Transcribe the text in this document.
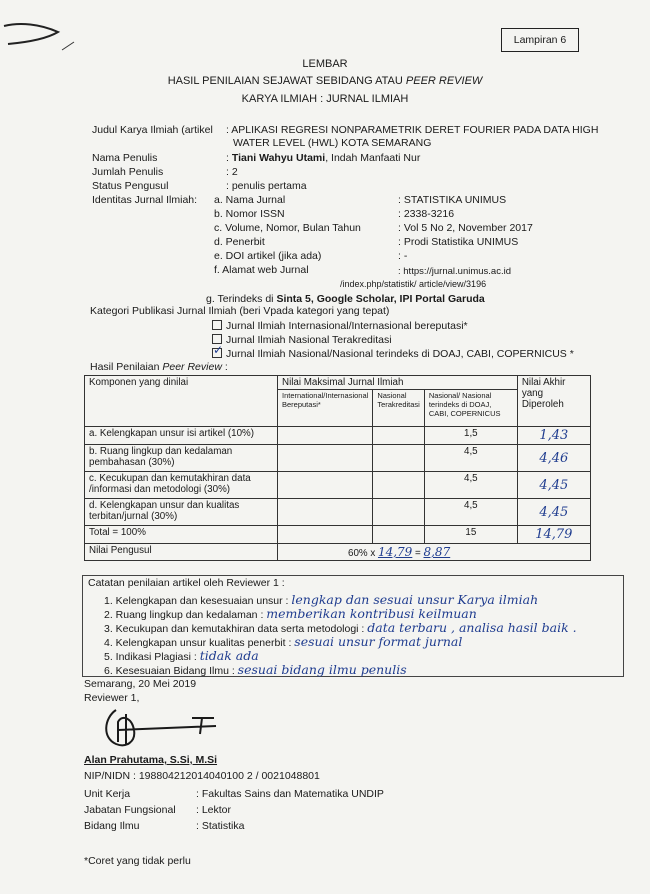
Lampiran 6
LEMBAR
HASIL PENILAIAN SEJAWAT SEBIDANG ATAU PEER REVIEW
KARYA ILMIAH : JURNAL ILMIAH
Judul Karya Ilmiah (artikel : APLIKASI REGRESI NONPARAMETRIK DERET FOURIER PADA DATA HIGH
WATER LEVEL (HWL) KOTA SEMARANG
Nama Penulis	: Tiani Wahyu Utami, Indah Manfaati Nur
Jumlah Penulis	: 2
Status Pengusul	: penulis pertama
Identitas Jurnal Ilmiah: a. Nama Jurnal	: STATISTIKA UNIMUS
b. Nomor ISSN	: 2338-3216
c. Volume, Nomor, Bulan Tahun	: Vol 5 No 2, November 2017
d. Penerbit	: Prodi Statistika UNIMUS
e. DOI artikel (jika ada)	: -
f. Alamat web Jurnal	: https://jurnal.unimus.ac.id
/index.php/statistik/ article/view/3196
g. Terindeks di Sinta 5, Google Scholar, IPI Portal Garuda
Kategori Publikasi Jurnal Ilmiah (beri Vpada kategori yang tepat)
Jurnal Ilmiah Internasional/Internasional bereputasi*
Jurnal Ilmiah Nasional Terakreditasi
✓ Jurnal Ilmiah Nasional/Nasional terindeks di DOAJ, CABI, COPERNICUS *
Hasil Penilaian Peer Review :
Komponen yang dinilai	Nilai Maksimal Jurnal Ilmiah			Nilai Akhir yang Diperoleh
	International/Internasional Bereputasi*	Nasional Terakreditasi	Nasional/ Nasional terindeks di DOAJ, CABI, COPERNICUS	
a. Kelengkapan unsur isi artikel (10%)			1,5	1,43
b. Ruang lingkup dan kedalaman pembahasan (30%)			4,5	4,46
c. Kecukupan dan kemutakhiran data /informasi dan metodologi (30%)			4,5	4,45
d. Kelengkapan unsur dan kualitas terbitan/jurnal (30%)			4,5	4,45
Total = 100%			15	14,79
Nilai Pengusul	60% x 14,79 = 8,87			
Catatan penilaian artikel oleh Reviewer 1 :
1. Kelengkapan dan kesesuaian unsur : lengkap dan sesuai unsur Karya ilmiah
2. Ruang lingkup dan kedalaman : memberikan kontribusi keilmuan
3. Kecukupan dan kemutakhiran data serta metodologi : data terbaru , analisa hasil baik .
4. Kelengkapan unsur kualitas penerbit : sesuai unsur format jurnal
5. Indikasi Plagiasi : tidak ada
6. Kesesuaian Bidang Ilmu : sesuai bidang ilmu penulis
Semarang, 20 Mei 2019
Reviewer 1,
Alan Prahutama, S.Si, M.Si
NIP/NIDN : 198804212014040100 2 / 0021048801
Unit Kerja	: Fakultas Sains dan Matematika UNDIP
Jabatan Fungsional : Lektor
Bidang Ilmu	: Statistika
*Coret yang tidak perlu
